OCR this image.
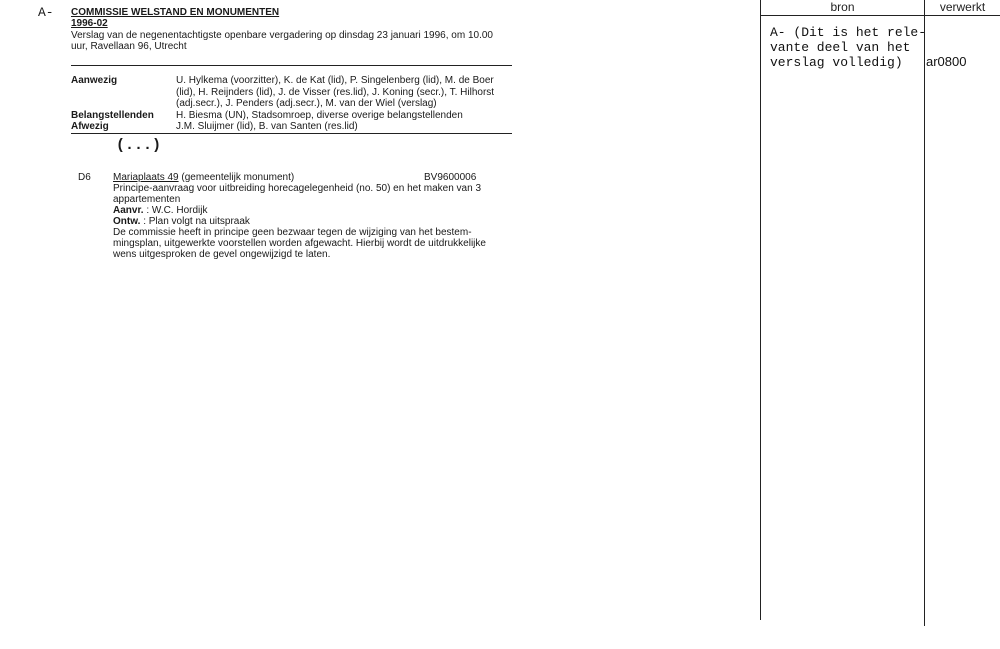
A- COMMISSIE WELSTAND EN MONUMENTEN
1996-02
Verslag van de negenentachtigste openbare vergadering op dinsdag 23 januari 1996, om 10.00
uur, Ravellaan 96, Utrecht
Aanwezig	U. Hylkema (voorzitter), K. de Kat (lid), P. Singelenberg (lid), M. de Boer
(lid), H. Reijnders (lid), J. de Visser (res.lid), J. Koning (secr.), T. Hilhorst
(adj.secr.), J. Penders (adj.secr.), M. van der Wiel (verslag)
Belangstellenden H. Biesma (UN), Stadsomroep, diverse overige belangstellenden
Afwezig	J.M. Sluijmer (lid), B. van Santen (res.lid)
(...)
D6 Mariaplaats 49 (gemeentelijk monument)	BV9600006
Principe-aanvraag voor uitbreiding horecagelegenheid (no. 50) en het maken van 3
appartementen
Aanvr. : W.C. Hordijk
Ontw. : Plan volgt na uitspraak
De commissie heeft in principe geen bezwaar tegen de wijziging van het bestem-
mingsplan, uitgewerkte voorstellen worden afgewacht. Hierbij wordt de uitdrukkelijke
wens uitgesproken de gevel ongewijzigd te laten.
bron	verwerkt
A- (Dit is het rele-
vante deel van het
verslag volledig) ar0800
